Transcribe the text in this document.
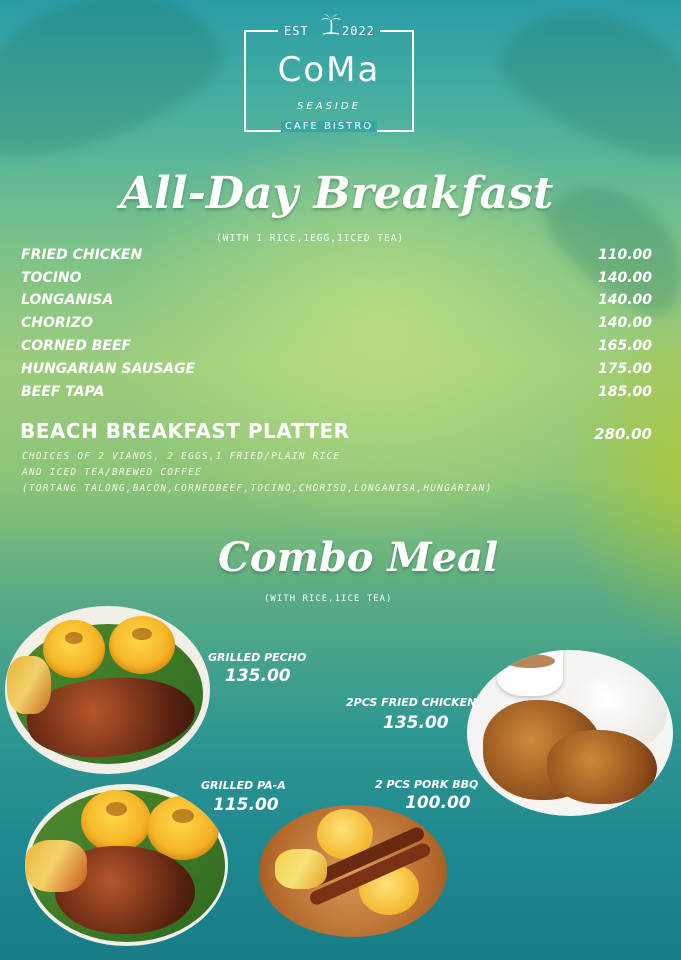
EST	2022
CoMa
SEASIDE
CAFE BISTRO
All-Day Breakfast
(WITH 1 RICE,1EGG,1ICED TEA)
FRIED CHICKEN	110.00
TOCINO	140.00
LONGANISA	140.00
CHORIZO	140.00
CORNED BEEF	165.00
HUNGARIAN SAUSAGE	175.00
BEEF TAPA	185.00
BEACH BREAKFAST PLATTER	280.00
CHOICES OF 2 VIANDS, 2 EGGS,1 FRIED/PLAIN RICE
AND ICED TEA/BREWED COFFEE
(TORTANG TALONG,BACON,CORNEDBEEF,TOCINO,CHORISO,LONGANISA,HUNGARIAN)
Combo Meal
(WITH RICE,1ICE TEA)
GRILLED PECHO
135.00
2PCS FRIED CHICKEN
135.00
GRILLED PA-A
115.00
2 PCS PORK BBQ
100.00
